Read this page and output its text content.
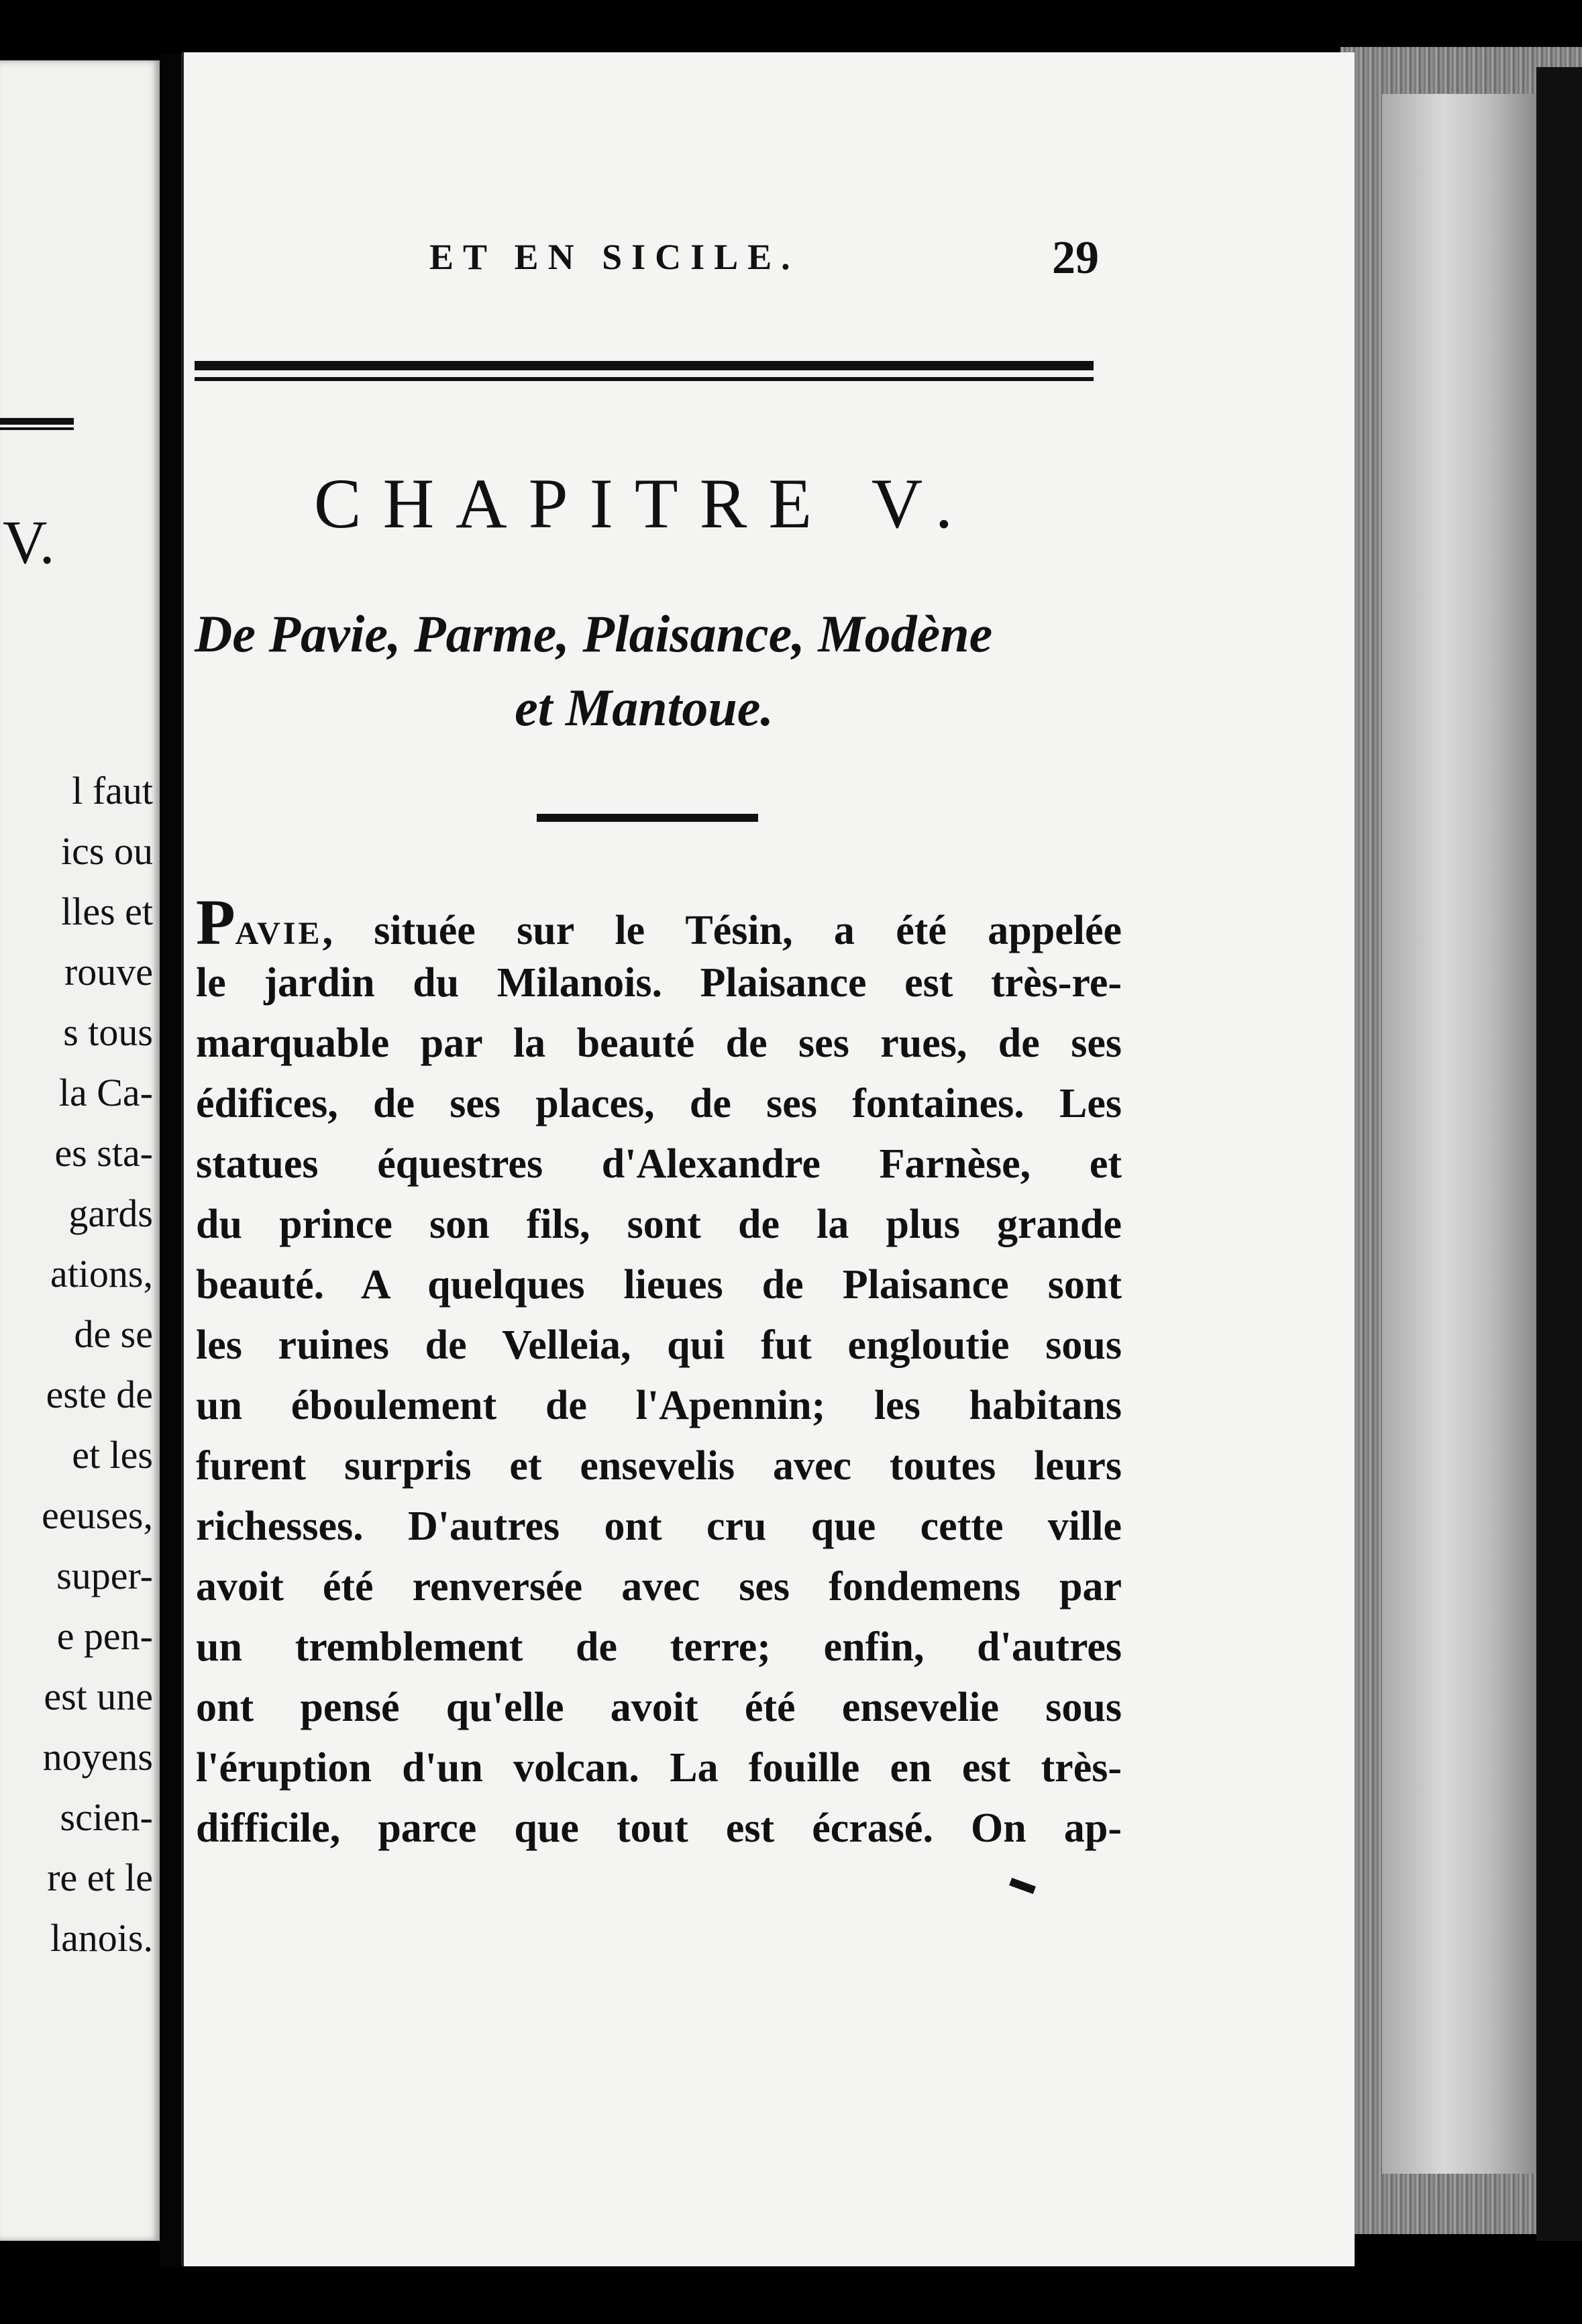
V.
l faut
ics ou
lles et
rouve
s tous
la Ca-
es sta-
gards
ations,
de se
este de
et les
eeuses,
super-
e pen-
est une
noyens
scien-
re et le
lanois.
ET EN SICILE.	29
CHAPITRE V.
De Pavie, Parme, Plaisance, Modène
et Mantoue.
PAVIE, située sur le Tésin, a été appelée
le jardin du Milanois. Plaisance est très-re-
marquable par la beauté de ses rues, de ses
édifices, de ses places, de ses fontaines. Les
statues équestres d'Alexandre Farnèse, et
du prince son fils, sont de la plus grande
beauté. A quelques lieues de Plaisance sont
les ruines de Velleia, qui fut engloutie sous
un éboulement de l'Apennin; les habitans
furent surpris et ensevelis avec toutes leurs
richesses. D'autres ont cru que cette ville
avoit été renversée avec ses fondemens par
un tremblement de terre; enfin, d'autres
ont pensé qu'elle avoit été ensevelie sous
l'éruption d'un volcan. La fouille en est très-
difficile, parce que tout est écrasé. On ap-
